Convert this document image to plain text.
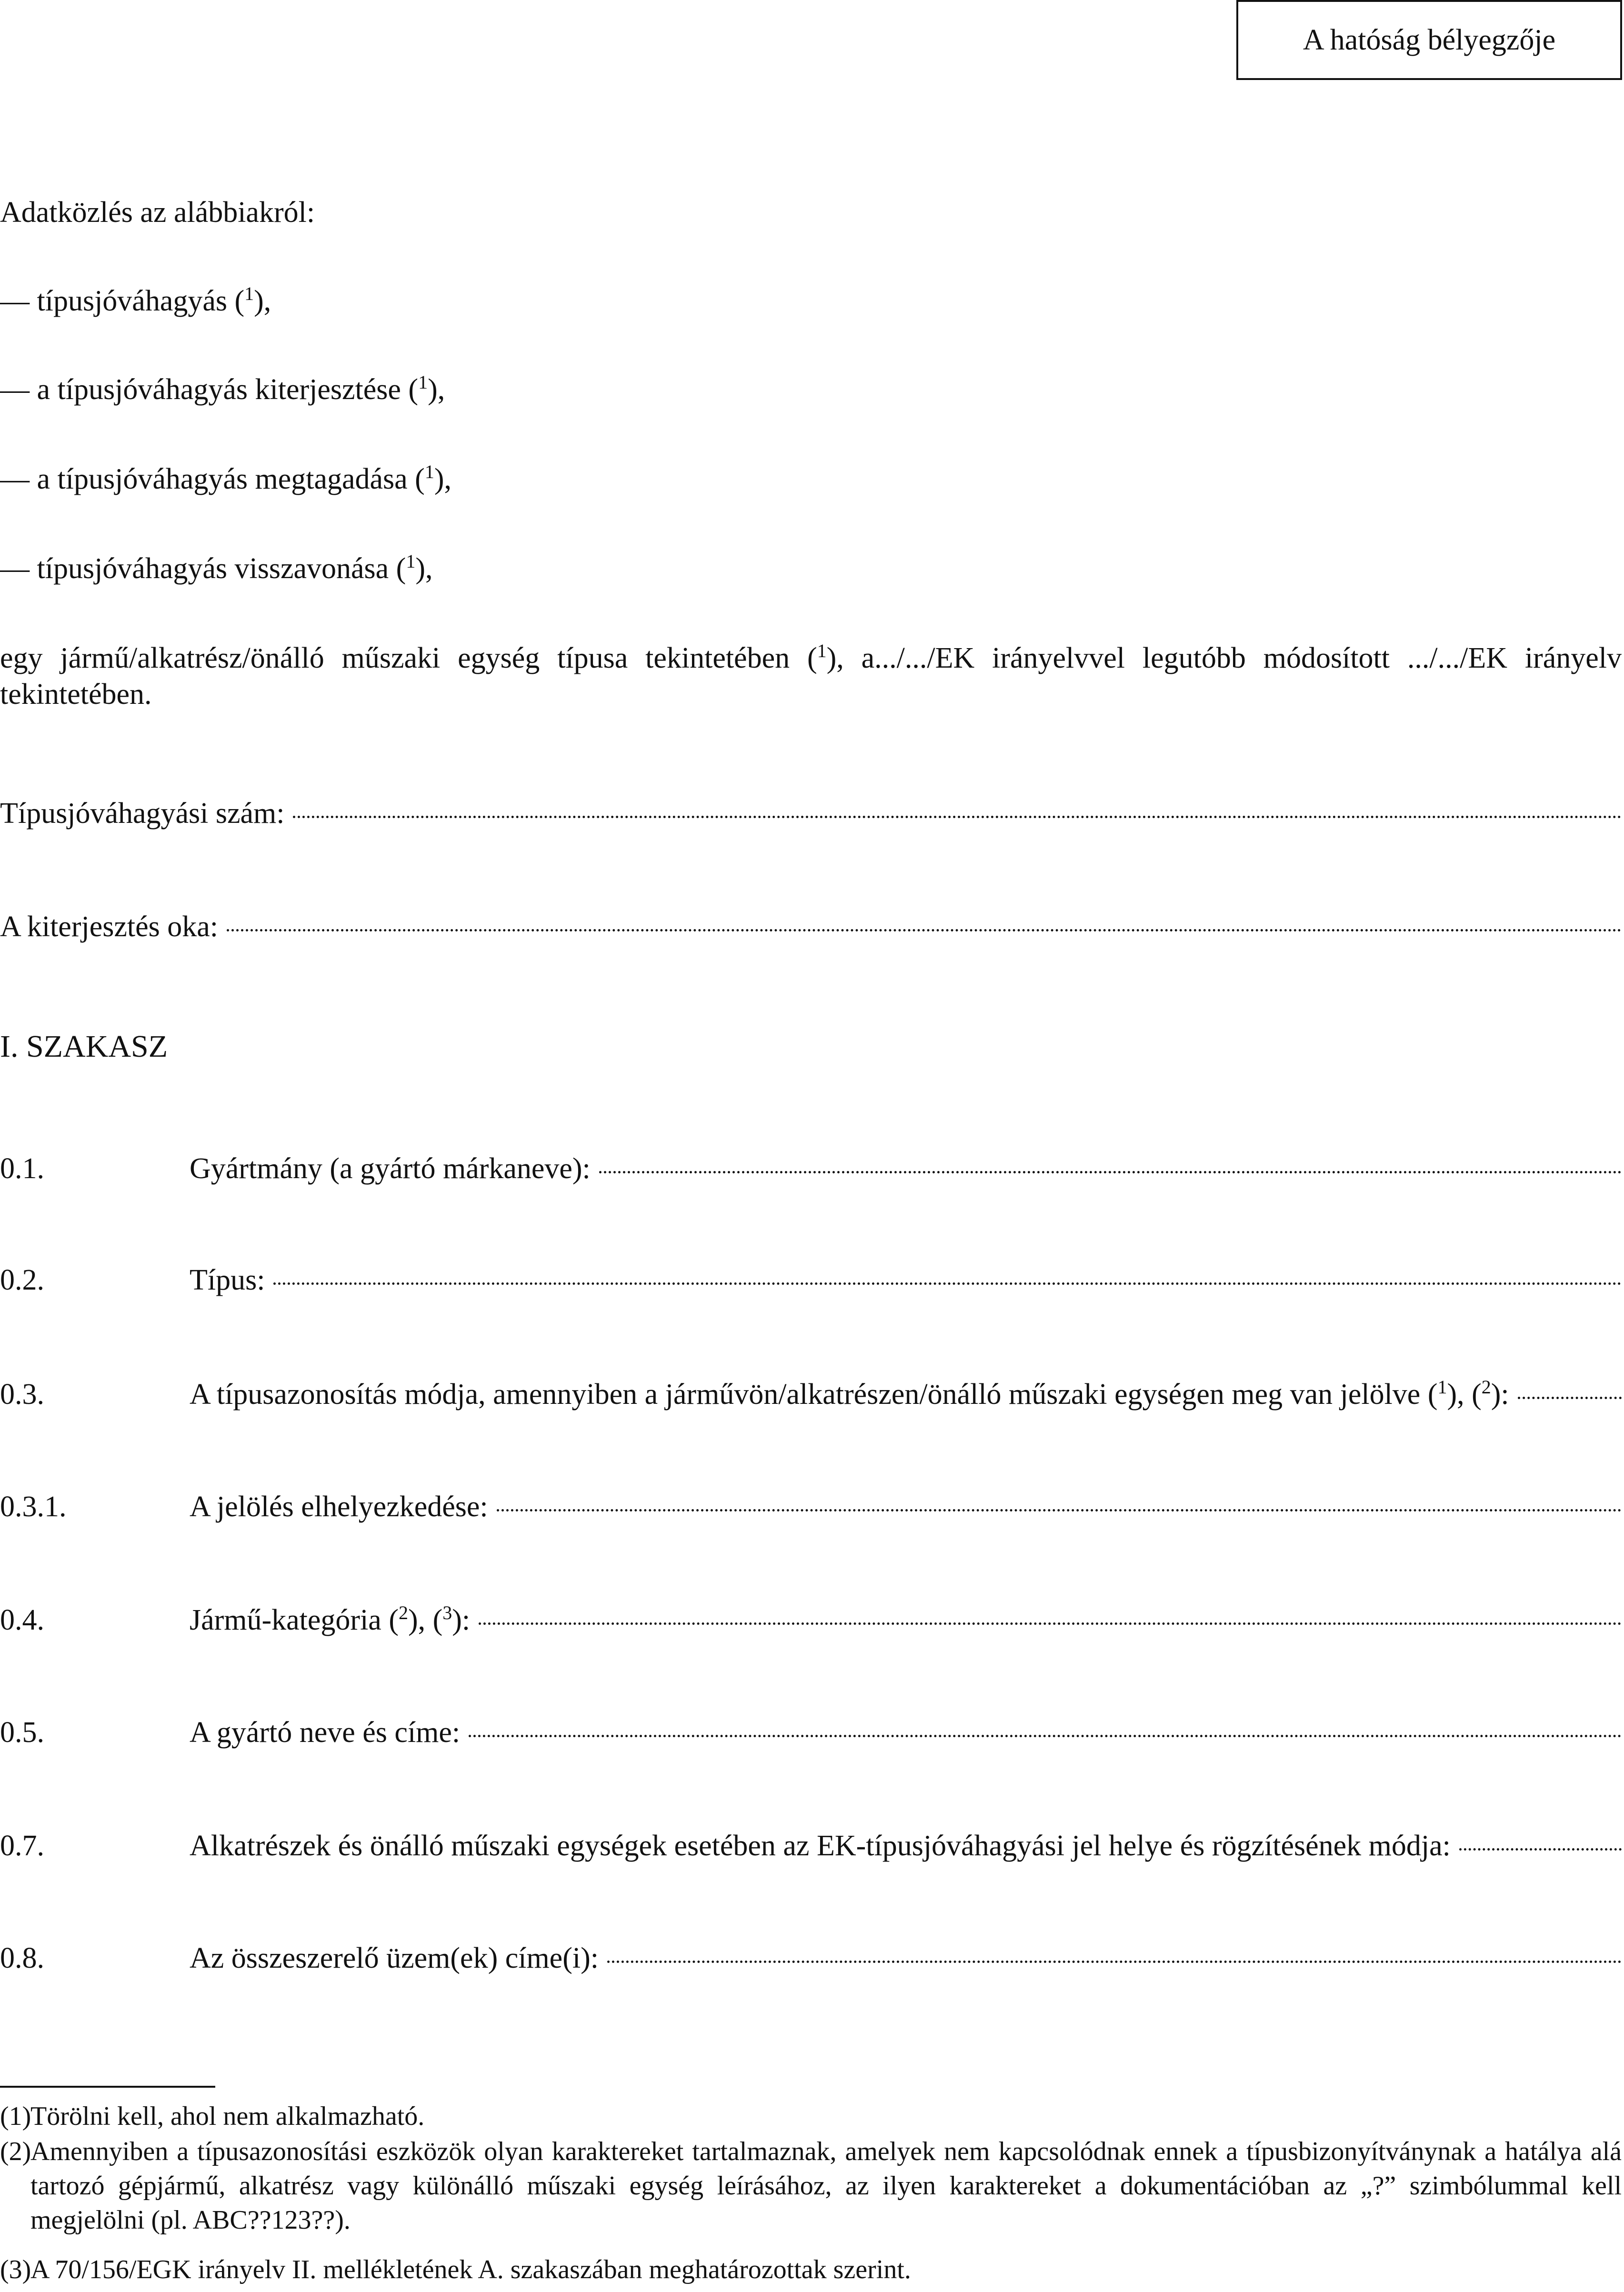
A hatóság bélyegzője
Adatközlés az alábbiakról:
— típusjóváhagyás ($^1$),
— a típusjóváhagyás kiterjesztése ($^1$),
— a típusjóváhagyás megtagadása ($^1$),
— típusjóváhagyás visszavonása ($^1$),
egy jármű/alkatrész/önálló műszaki egység típusa tekintetében ($^1$), a.../.../EK irányelvvel legutóbb módosított .../.../EK irányelv tekintetében.
Típusjóváhagyási szám:
A kiterjesztés oka:
I. SZAKASZ
0.1.	Gyártmány (a gyártó márkaneve):
0.2.	Típus:
0.3.	A típusazonosítás módja, amennyiben a járművön/alkatrészen/önálló műszaki egységen meg van jelölve ($^1$), ($^2$):
0.3.1.	A jelölés elhelyezkedése:
0.4.	Jármű-kategória ($^2$), ($^3$):
0.5.	A gyártó neve és címe:
0.7.	Alkatrészek és önálló műszaki egységek esetében az EK-típusjóváhagyási jel helye és rögzítésének módja:
0.8.	Az összeszerelő üzem(ek) címe(i):
(1)
Törölni kell, ahol nem alkalmazható.
(2)
Amennyiben a típusazonosítási eszközök olyan karaktereket tartalmaznak, amelyek nem kapcsolódnak ennek a típusbizonyítványnak a hatálya alá tartozó gépjármű, alkatrész vagy különálló műszaki egység leírásához, az ilyen karaktereket a dokumentációban az „?” szimbólummal kell megjelölni (pl. ABC??123??).
(3)
A 70/156/EGK irányelv II. mellékletének A. szakaszában meghatározottak szerint.
